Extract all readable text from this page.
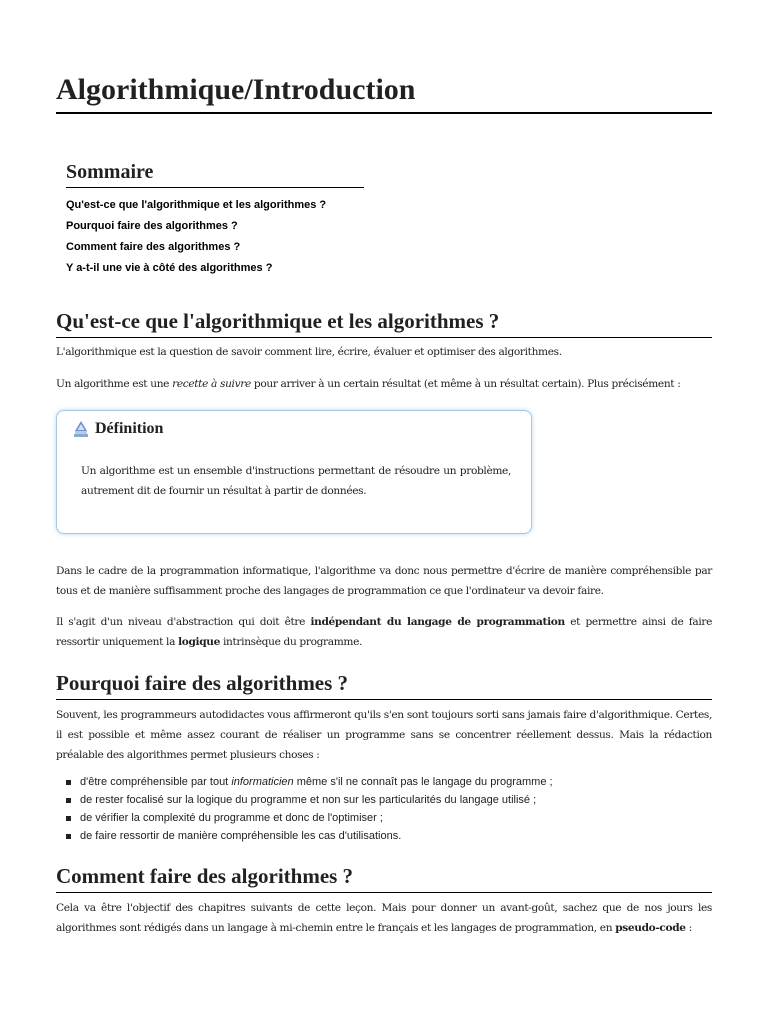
Algorithmique/Introduction
Sommaire
Qu'est-ce que l'algorithmique et les algorithmes ?
Pourquoi faire des algorithmes ?
Comment faire des algorithmes ?
Y a-t-il une vie à côté des algorithmes ?
Qu'est-ce que l'algorithmique et les algorithmes ?

L'algorithmique est la question de savoir comment lire, écrire, évaluer et optimiser des algorithmes.

Un algorithme est une recette à suivre pour arriver à un certain résultat (et même à un résultat certain). Plus précisément :

Définition
Un algorithme est un ensemble d'instructions permettant de résoudre un problème, autrement dit de fournir un résultat à partir de données.

Dans le cadre de la programmation informatique, l'algorithme va donc nous permettre d'écrire de manière compréhensible par tous et de manière suffisamment proche des langages de programmation ce que l'ordinateur va devoir faire.

Il s'agit d'un niveau d'abstraction qui doit être indépendant du langage de programmation et permettre ainsi de faire ressortir uniquement la logique intrinsèque du programme.

Pourquoi faire des algorithmes ?

Souvent, les programmeurs autodidactes vous affirmeront qu'ils s'en sont toujours sorti sans jamais faire d'algorithmique. Certes, il est possible et même assez courant de réaliser un programme sans se concentrer réellement dessus. Mais la rédaction préalable des algorithmes permet plusieurs choses :

d'être compréhensible par tout informaticien même s'il ne connaît pas le langage du programme ;
de rester focalisé sur la logique du programme et non sur les particularités du langage utilisé ;
de vérifier la complexité du programme et donc de l'optimiser ;
de faire ressortir de manière compréhensible les cas d'utilisations.
Comment faire des algorithmes ?

Cela va être l'objectif des chapitres suivants de cette leçon. Mais pour donner un avant-goût, sachez que de nos jours les algorithmes sont rédigés dans un langage à mi-chemin entre le français et les langages de programmation, en pseudo-code :
